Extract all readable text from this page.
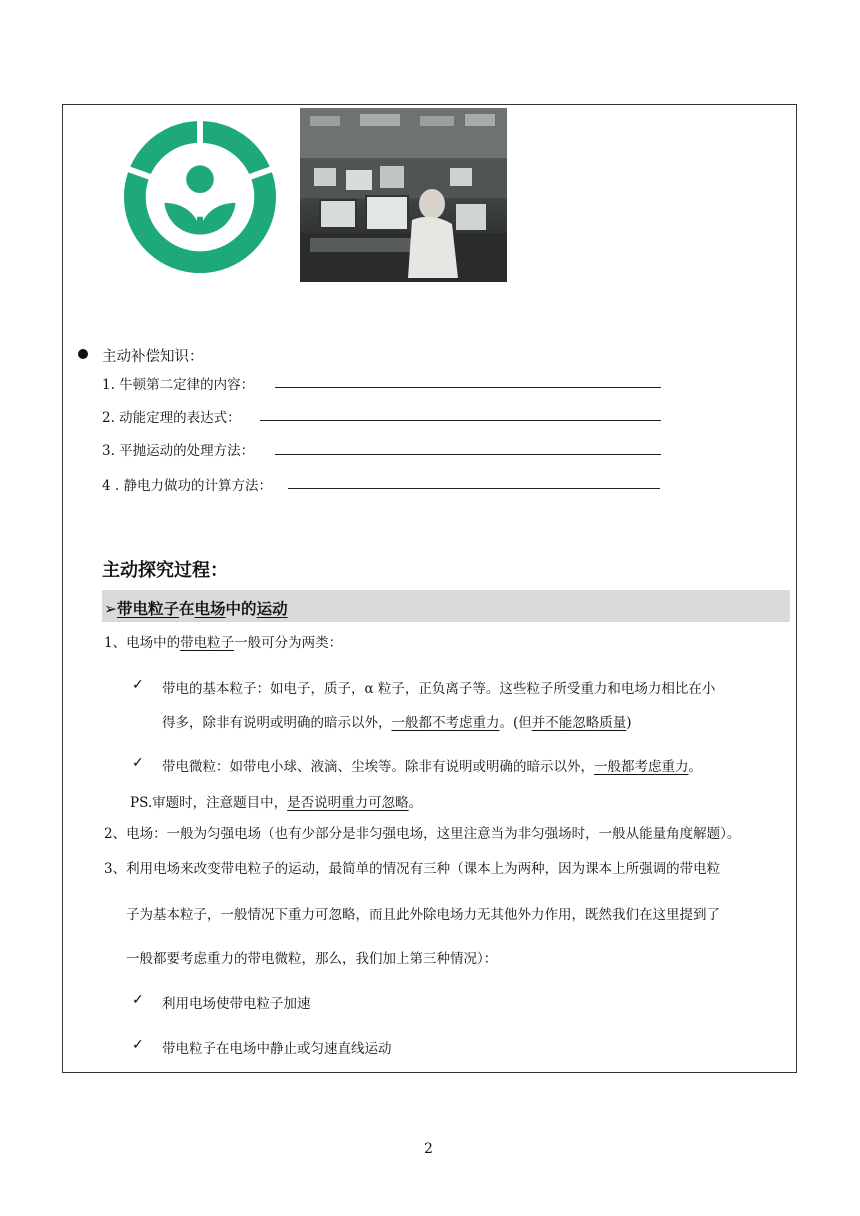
主动补偿知识：
1. 牛顿第二定律的内容：
2. 动能定理的表达式：
3. 平抛运动的处理方法：
4 . 静电力做功的计算方法：
主动探究过程：
➢带电粒子在电场中的运动
1、电场中的带电粒子一般可分为两类：
✓ 带电的基本粒子：如电子，质子，α 粒子，正负离子等。这些粒子所受重力和电场力相比在小
得多，除非有说明或明确的暗示以外，一般都不考虑重力。(但并不能忽略质量)
✓ 带电微粒：如带电小球、液滴、尘埃等。除非有说明或明确的暗示以外，一般都考虑重力。
PS.审题时，注意题目中，是否说明重力可忽略。
2、电场：一般为匀强电场（也有少部分是非匀强电场，这里注意当为非匀强场时，一般从能量角度解题）。
3、利用电场来改变带电粒子的运动，最简单的情况有三种（课本上为两种，因为课本上所强调的带电粒
子为基本粒子，一般情况下重力可忽略，而且此外除电场力无其他外力作用，既然我们在这里提到了
一般都要考虑重力的带电微粒，那么，我们加上第三种情况）：
✓ 利用电场使带电粒子加速
✓ 带电粒子在电场中静止或匀速直线运动
2
